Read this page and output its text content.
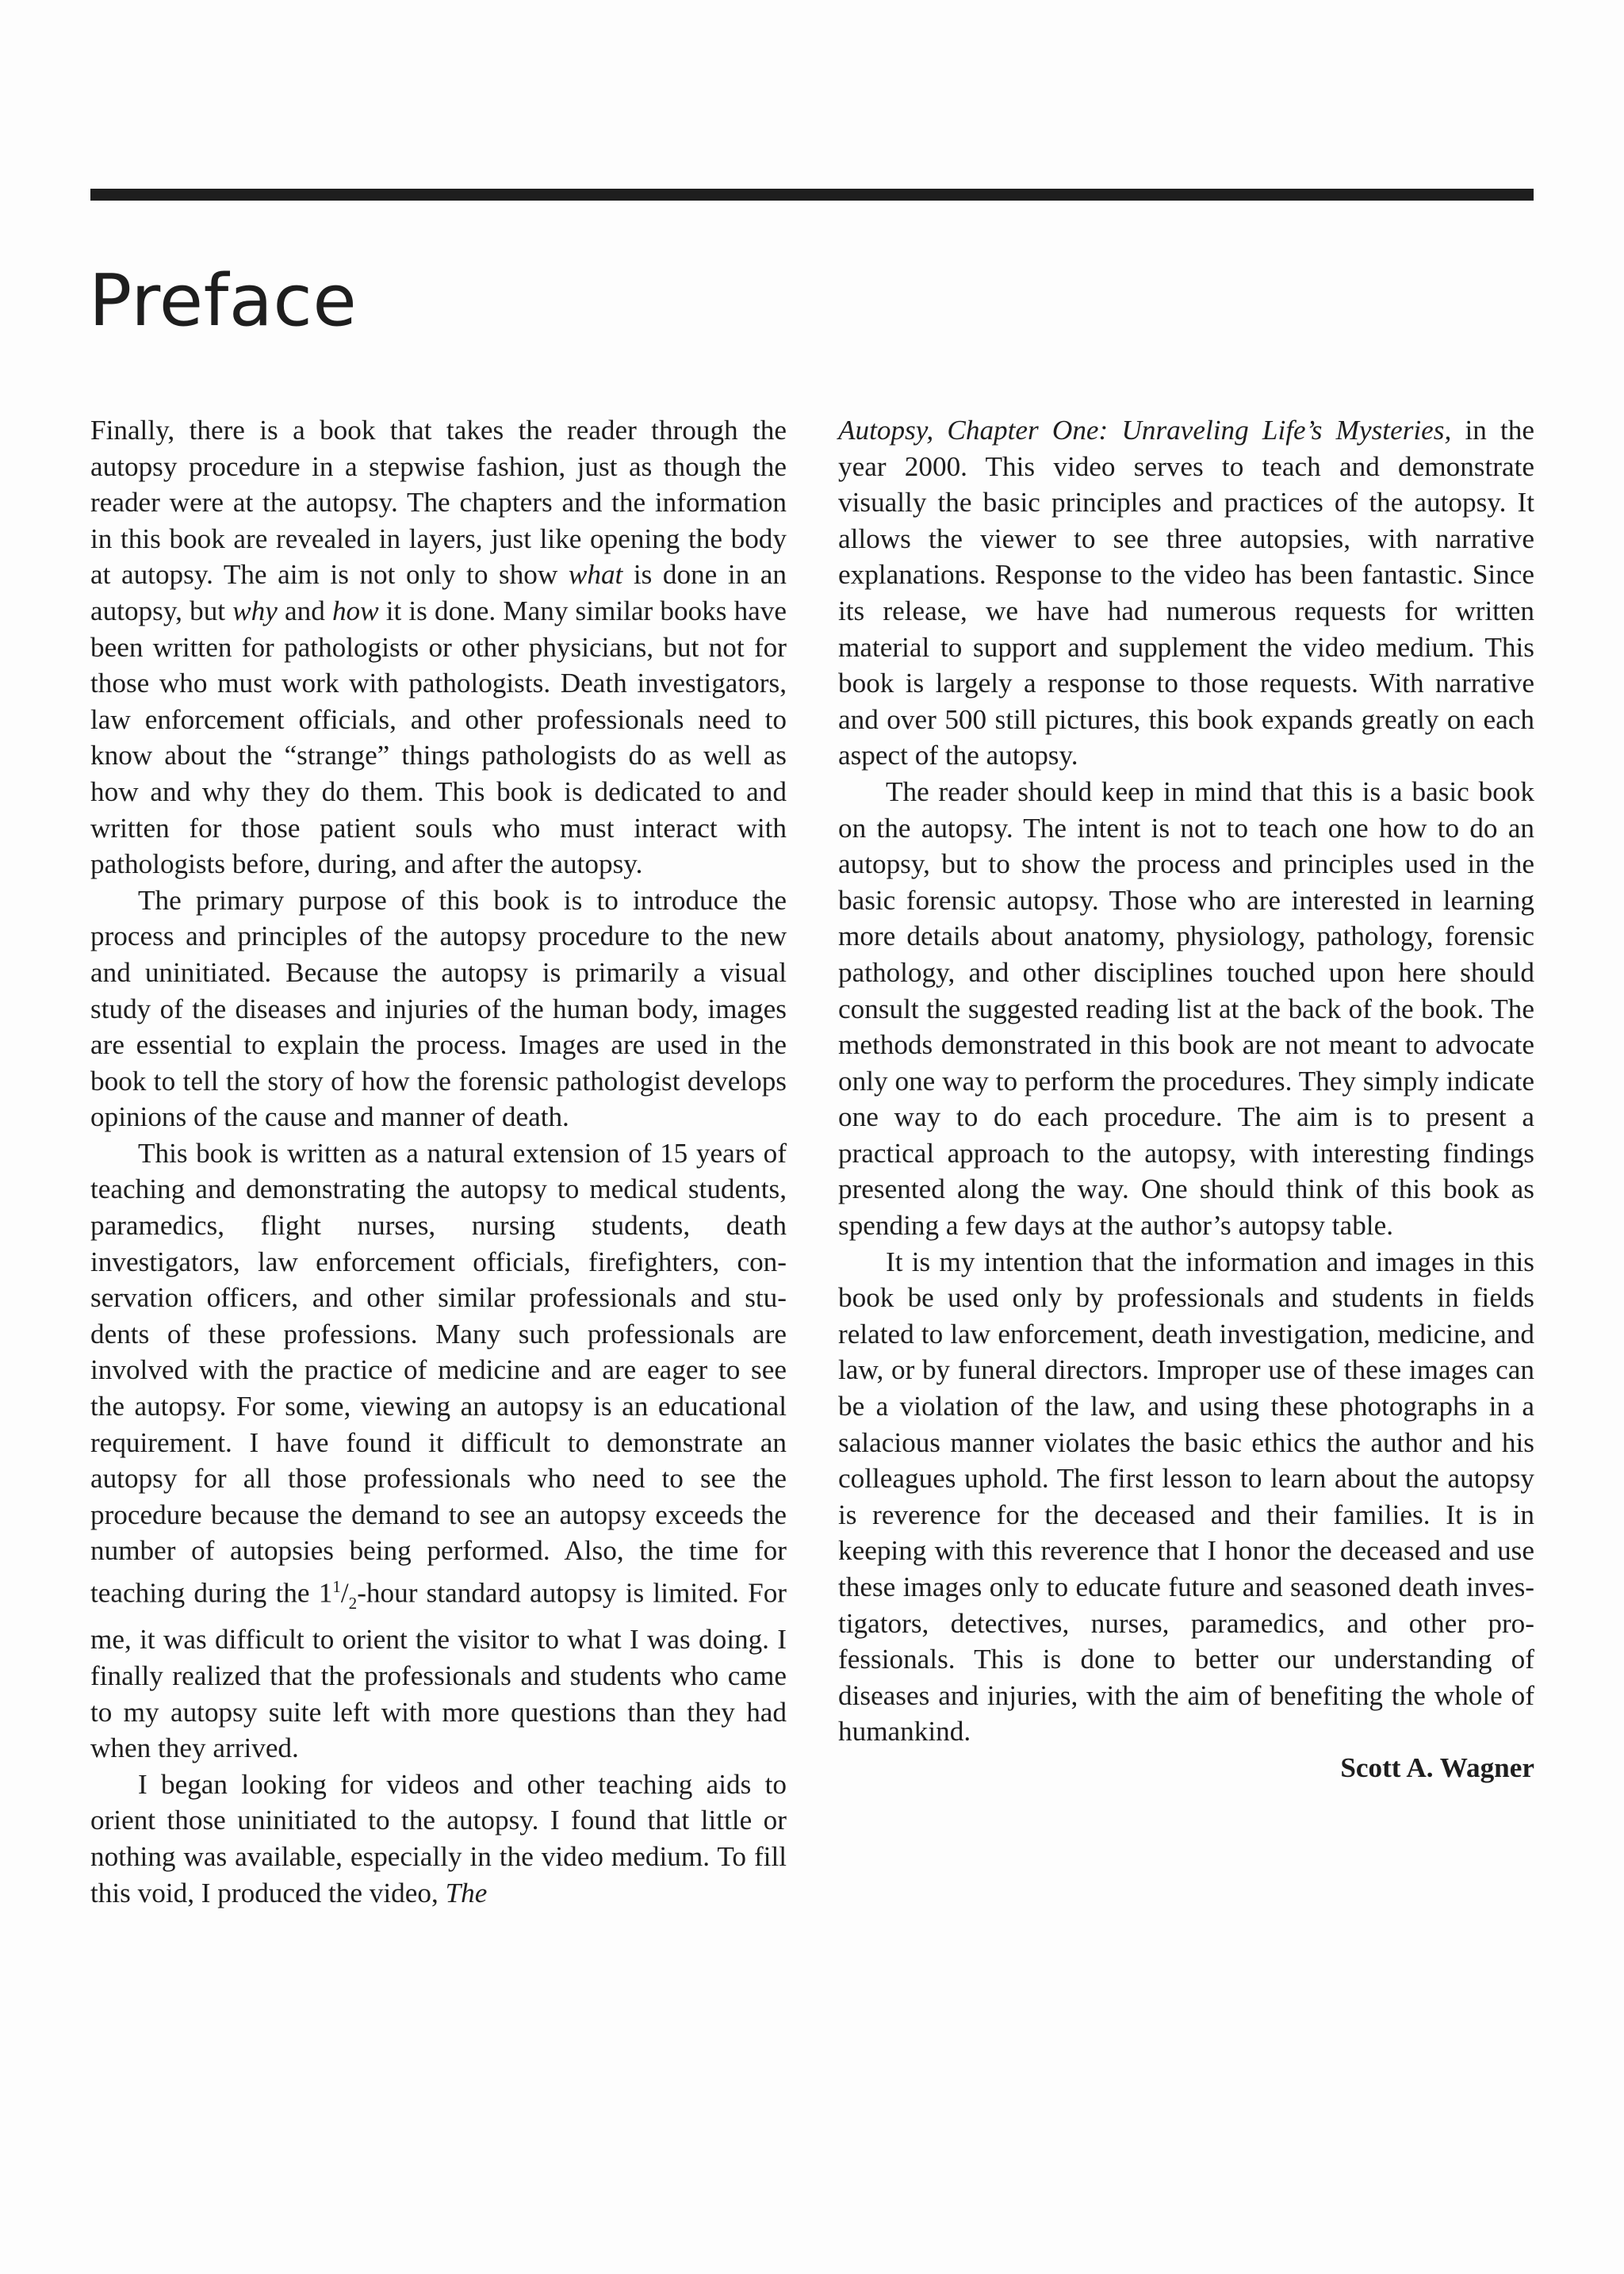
Preface

Finally, there is a book that takes the reader through the autopsy procedure in a stepwise fashion, just as though the reader were at the autopsy. The chapters and the information in this book are revealed in layers, just like opening the body at autopsy. The aim is not only to show what is done in an autopsy, but why and how it is done. Many similar books have been written for pathologists or other physicians, but not for those who must work with pathologists. Death investigators, law enforcement officials, and other professionals need to know about the “strange” things pathologists do as well as how and why they do them. This book is dedicated to and written for those patient souls who must interact with pathologists before, during, and after the autopsy.

The primary purpose of this book is to introduce the process and principles of the autopsy procedure to the new and uninitiated. Because the autopsy is primarily a visual study of the diseases and injuries of the human body, images are essential to explain the process. Images are used in the book to tell the story of how the forensic pathologist develops opinions of the cause and manner of death.

This book is written as a natural extension of 15 years of teaching and demonstrating the autopsy to medical students, paramedics, flight nurses, nursing students, death investigators, law enforcement officials, firefighters, conservation officers, and other similar professionals and students of these professions. Many such professionals are involved with the practice of medicine and are eager to see the autopsy. For some, viewing an autopsy is an educational requirement. I have found it difficult to demonstrate an autopsy for all those professionals who need to see the procedure because the demand to see an autopsy exceeds the number of autopsies being performed. Also, the time for teaching during the $1^1/_2$-hour standard autopsy is limited. For me, it was difficult to orient the visitor to what I was doing. I finally realized that the professionals and students who came to my autopsy suite left with more questions than they had when they arrived.

I began looking for videos and other teaching aids to orient those uninitiated to the autopsy. I found that little or nothing was available, especially in the video medium. To fill this void, I produced the video, The

Autopsy, Chapter One: Unraveling Life’s Mysteries, in the year 2000. This video serves to teach and demonstrate visually the basic principles and practices of the autopsy. It allows the viewer to see three autopsies, with narrative explanations. Response to the video has been fantastic. Since its release, we have had numerous requests for written material to support and supplement the video medium. This book is largely a response to those requests. With narrative and over 500 still pictures, this book expands greatly on each aspect of the autopsy.

The reader should keep in mind that this is a basic book on the autopsy. The intent is not to teach one how to do an autopsy, but to show the process and principles used in the basic forensic autopsy. Those who are interested in learning more details about anatomy, physiology, pathology, forensic pathology, and other disciplines touched upon here should consult the suggested reading list at the back of the book. The methods demonstrated in this book are not meant to advocate only one way to perform the procedures. They simply indicate one way to do each procedure. The aim is to present a practical approach to the autopsy, with interesting findings presented along the way. One should think of this book as spending a few days at the author’s autopsy table.

It is my intention that the information and images in this book be used only by professionals and students in fields related to law enforcement, death investigation, medicine, and law, or by funeral directors. Improper use of these images can be a violation of the law, and using these photographs in a salacious manner violates the basic ethics the author and his colleagues uphold. The first lesson to learn about the autopsy is reverence for the deceased and their families. It is in keeping with this reverence that I honor the deceased and use these images only to educate future and seasoned death investigators, detectives, nurses, paramedics, and other professionals. This is done to better our understanding of diseases and injuries, with the aim of benefiting the whole of humankind.

Scott A. Wagner
